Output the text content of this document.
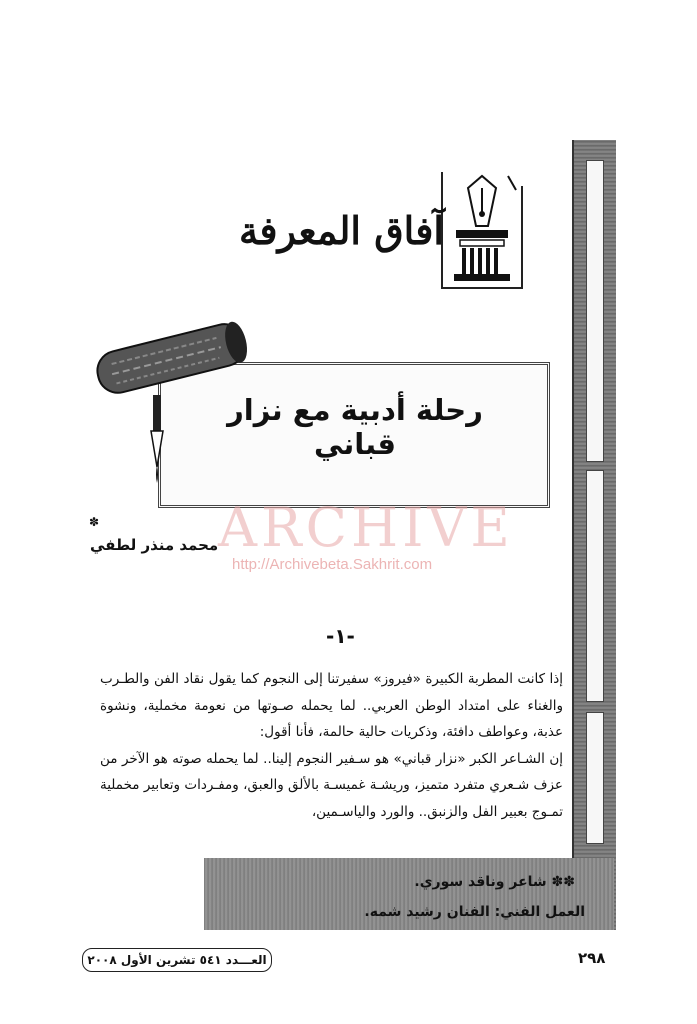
آفاق المعرفة
رحلة أدبية مع نزار قباني
ARCHIVE
http://Archivebeta.Sakhrit.com
✽
محمد منذر لطفي
-١-

إذا كانت المطربة الكبيرة «فيروز» سفيرتنا إلى النجوم كما يقول نقاد الفن والطـرب والغناء على امتداد الوطن العربي.. لما يحمله صـوتها من نعومة مخملية، ونشوة عذبة، وعواطف دافئة، وذكريات حالية حالمة، فأنا أقول:

إن الشـاعر الكبر «نزار قباني» هو سـفير النجوم إلينا.. لما يحمله صوته هو الآخر من عزف شـعري متفرد متميز، وريشـة غميسـة بالألق والعبق، ومفـردات وتعابير مخملية تمـوج بعبير الفل والزنبق.. والورد والياسـمين،

✽✽ شاعر وناقد سوري.
العمل الفني: الفنان رشيد شمه.
العـــدد ٥٤١ تشرين الأول ٢٠٠٨	٢٩٨
